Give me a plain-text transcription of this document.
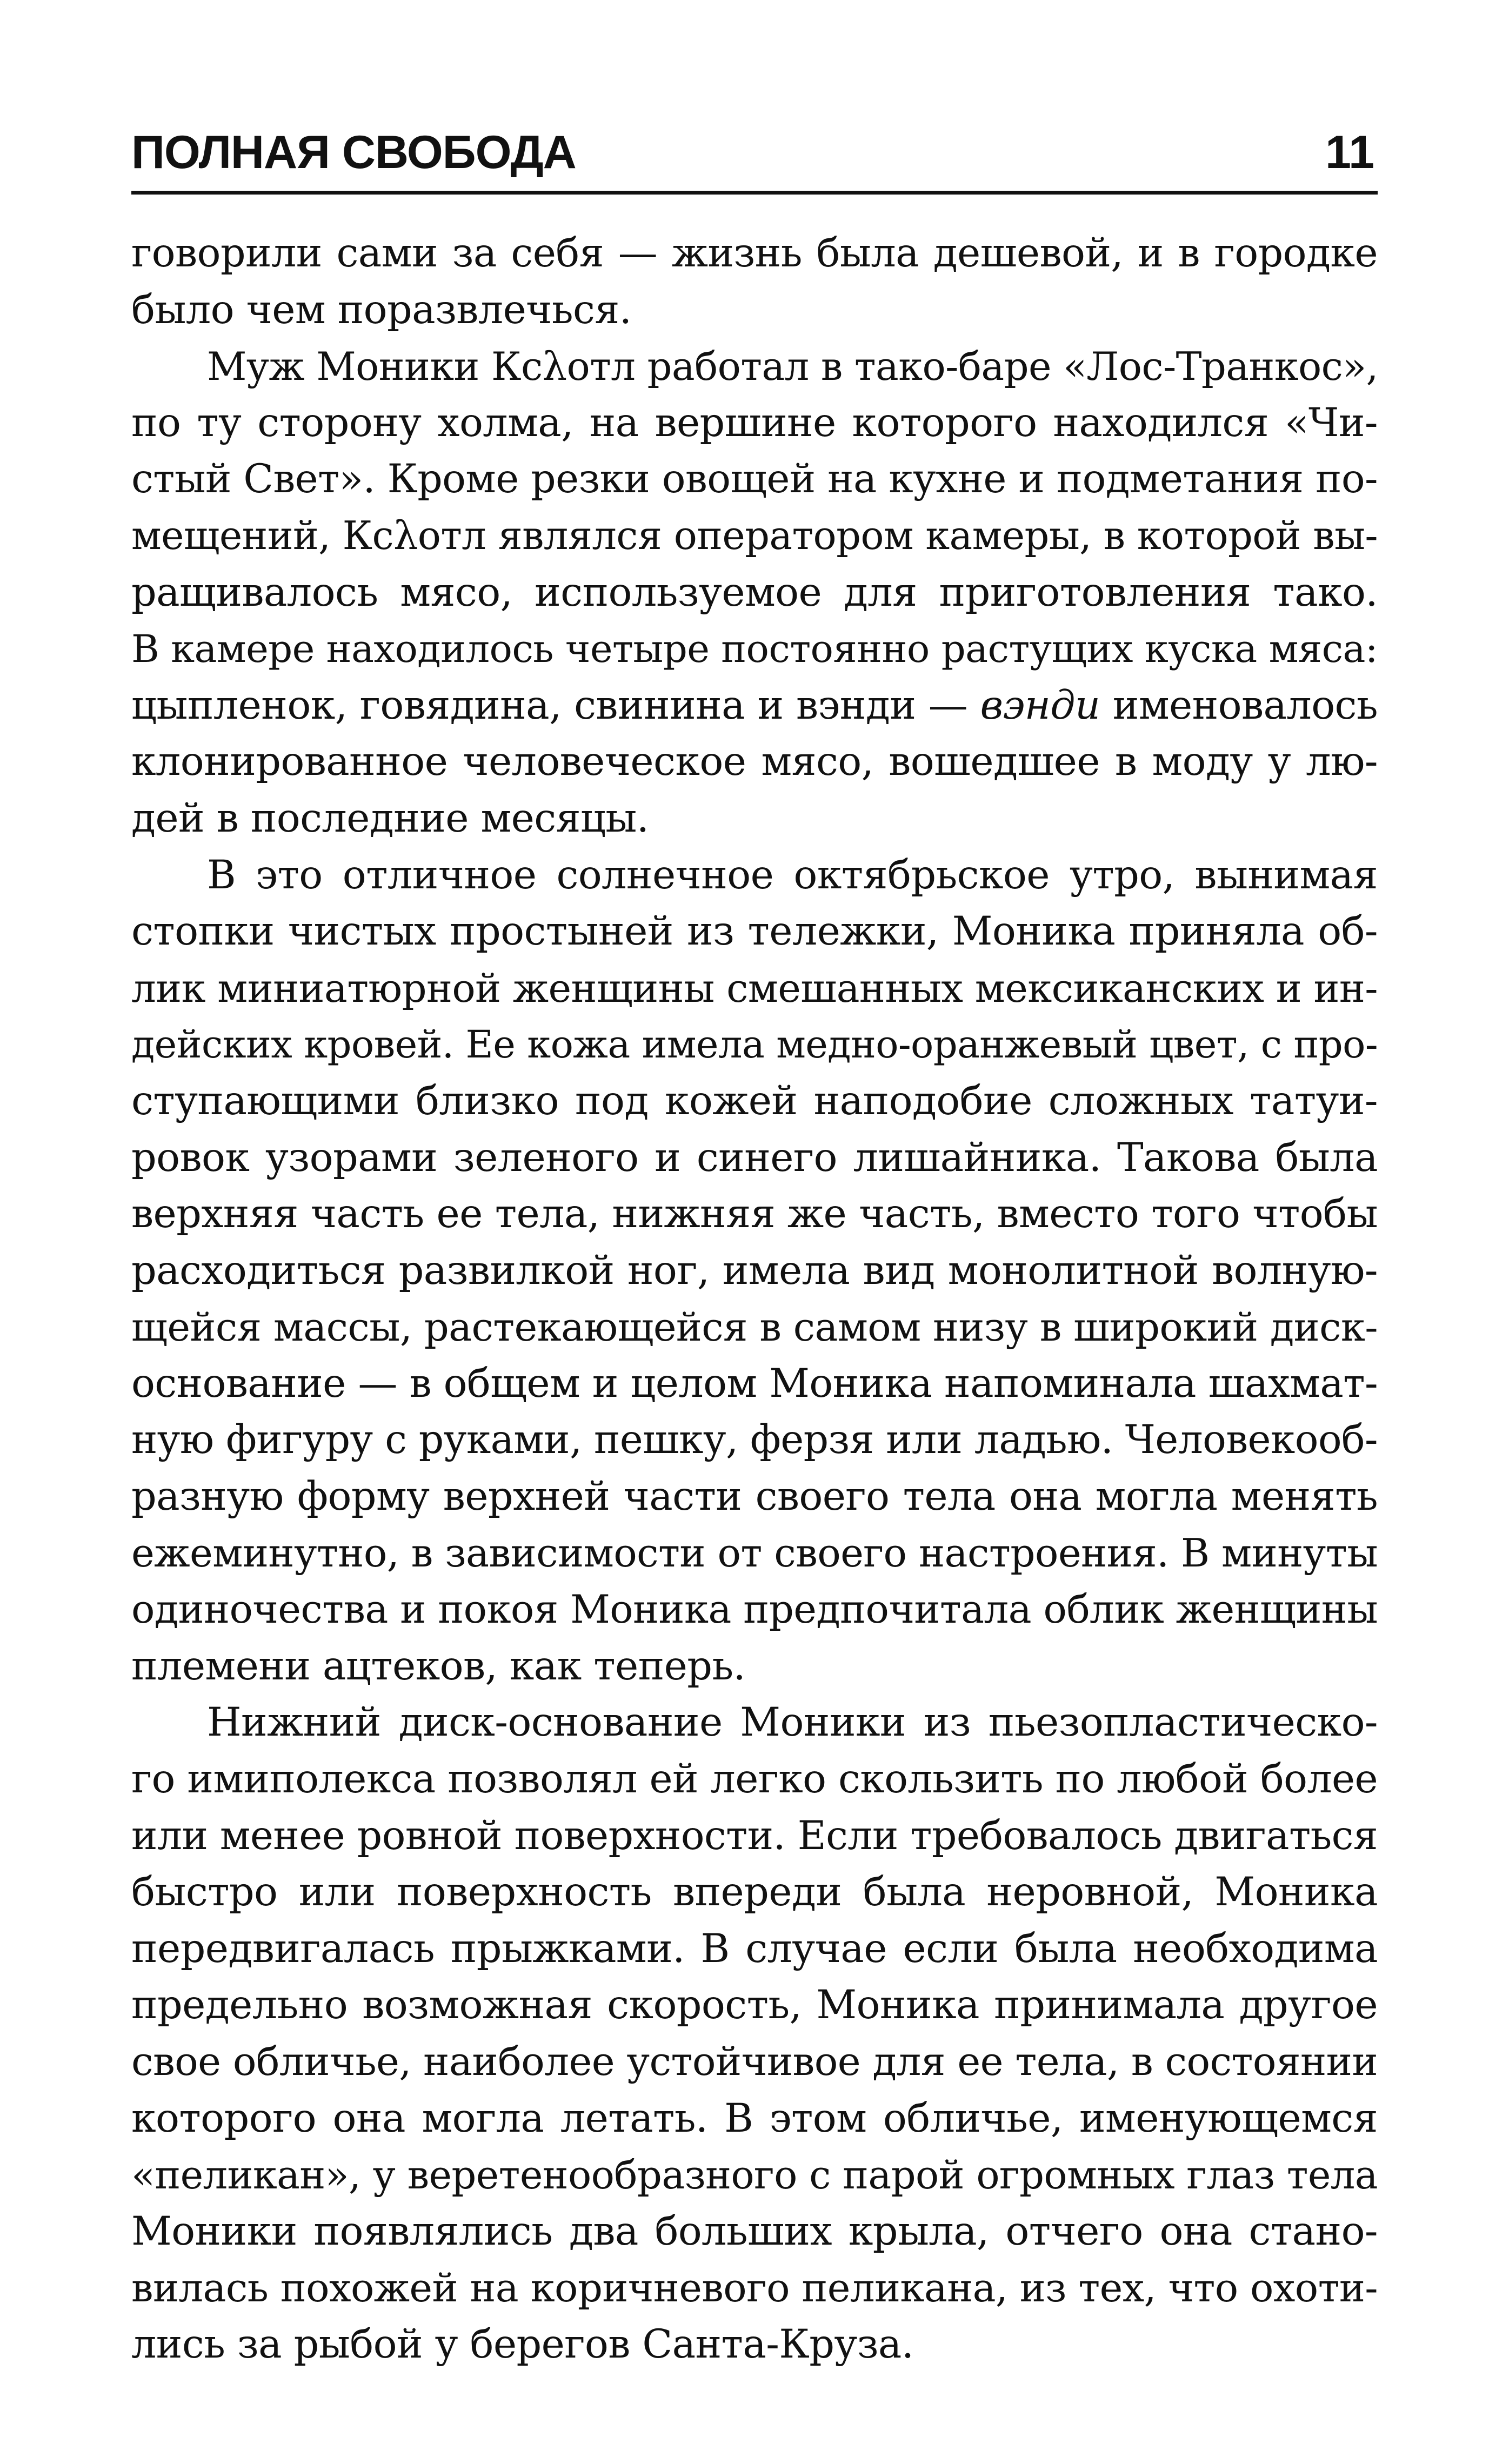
ПОЛНАЯ СВОБОДА	11
говорили сами за себя — жизнь была дешевой, и в городке
было чем поразвлечься.
Муж Моники Ксλотл работал в тако-баре «Лос-Транкос»,
по ту сторону холма, на вершине которого находился «Чи-
стый Свет». Кроме резки овощей на кухне и подметания по-
мещений, Ксλотл являлся оператором камеры, в которой вы-
ращивалось мясо, используемое для приготовления тако.
В камере находилось четыре постоянно растущих куска мяса:
цыпленок, говядина, свинина и вэнди — вэнди именовалось
клонированное человеческое мясо, вошедшее в моду у лю-
дей в последние месяцы.
В это отличное солнечное октябрьское утро, вынимая
стопки чистых простыней из тележки, Моника приняла об-
лик миниатюрной женщины смешанных мексиканских и ин-
дейских кровей. Ее кожа имела медно-оранжевый цвет, с про-
ступающими близко под кожей наподобие сложных татуи-
ровок узорами зеленого и синего лишайника. Такова была
верхняя часть ее тела, нижняя же часть, вместо того чтобы
расходиться развилкой ног, имела вид монолитной волную-
щейся массы, растекающейся в самом низу в широкий диск-
основание — в общем и целом Моника напоминала шахмат-
ную фигуру с руками, пешку, ферзя или ладью. Человекооб-
разную форму верхней части своего тела она могла менять
ежеминутно, в зависимости от своего настроения. В минуты
одиночества и покоя Моника предпочитала облик женщины
племени ацтеков, как теперь.
Нижний диск-основание Моники из пьезопластическо-
го имиполекса позволял ей легко скользить по любой более
или менее ровной поверхности. Если требовалось двигаться
быстро или поверхность впереди была неровной, Моника
передвигалась прыжками. В случае если была необходима
предельно возможная скорость, Моника принимала другое
свое обличье, наиболее устойчивое для ее тела, в состоянии
которого она могла летать. В этом обличье, именующемся
«пеликан», у веретенообразного с парой огромных глаз тела
Моники появлялись два больших крыла, отчего она стано-
вилась похожей на коричневого пеликана, из тех, что охоти-
лись за рыбой у берегов Санта-Круза.
